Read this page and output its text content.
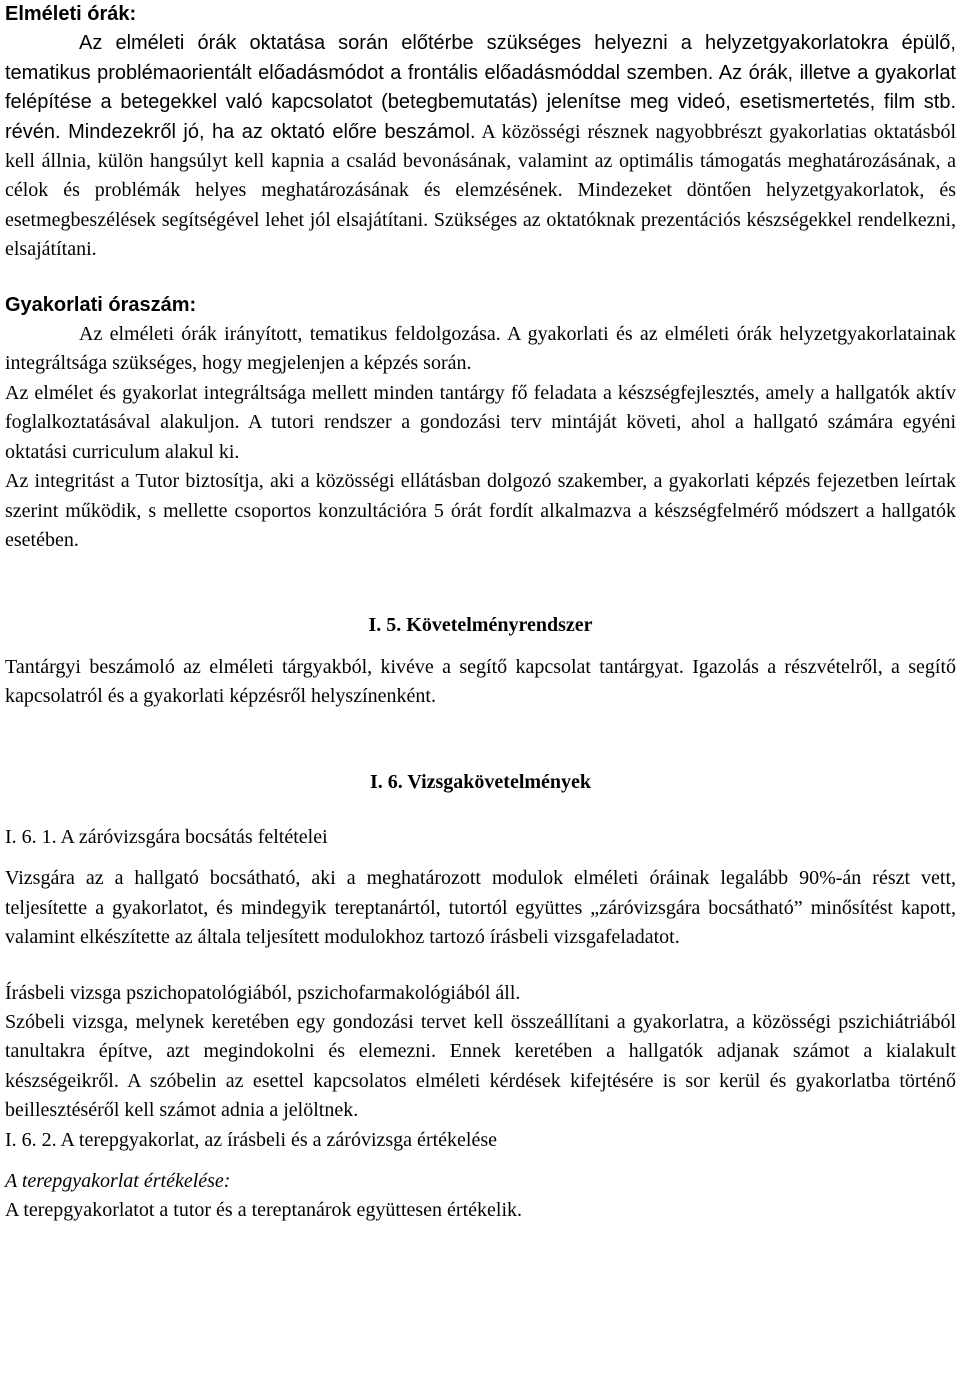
Elméleti órák:

Az elméleti órák oktatása során előtérbe szükséges helyezni a helyzetgyakorlatokra épülő, tematikus problémaorientált előadásmódot a frontális előadásmóddal szemben. Az órák, illetve a gyakorlat felépítése a betegekkel való kapcsolatot (betegbemutatás) jelenítse meg videó, esetismertetés, film stb. révén. Mindezekről jó, ha az oktató előre beszámol. A közösségi résznek nagyobbrészt gyakorlatias oktatásból kell állnia, külön hangsúlyt kell kapnia a család bevonásának, valamint az optimális támogatás meghatározásának, a célok és problémák helyes meghatározásának és elemzésének. Mindezeket döntően helyzetgyakorlatok, és esetmegbeszélések segítségével lehet jól elsajátítani. Szükséges az oktatóknak prezentációs készségekkel rendelkezni, elsajátítani.

Gyakorlati óraszám:

Az elméleti órák irányított, tematikus feldolgozása. A gyakorlati és az elméleti órák helyzetgyakorlatainak integráltsága szükséges, hogy megjelenjen a képzés során.

Az elmélet és gyakorlat integráltsága mellett minden tantárgy fő feladata a készségfejlesztés, amely a hallgatók aktív foglalkoztatásával alakuljon. A tutori rendszer a gondozási terv mintáját követi, ahol a hallgató számára egyéni oktatási curriculum alakul ki.

Az integritást a Tutor biztosítja, aki a közösségi ellátásban dolgozó szakember, a gyakorlati képzés fejezetben leírtak szerint működik, s mellette csoportos konzultációra 5 órát fordít alkalmazva a készségfelmérő módszert a hallgatók esetében.

I. 5. Követelményrendszer

Tantárgyi beszámoló az elméleti tárgyakból, kivéve a segítő kapcsolat tantárgyat. Igazolás a részvételről, a segítő kapcsolatról és a gyakorlati képzésről helyszínenként.

I. 6. Vizsgakövetelmények
I. 6. 1. A záróvizsgára bocsátás feltételei

Vizsgára az a hallgató bocsátható, aki a meghatározott modulok elméleti óráinak legalább 90%-án részt vett, teljesítette a gyakorlatot, és mindegyik tereptanártól, tutortól együttes „záróvizsgára bocsátható” minősítést kapott, valamint elkészítette az általa teljesített modulokhoz tartozó írásbeli vizsgafeladatot.

Írásbeli vizsga pszichopatológiából, pszichofarmakológiából áll.

Szóbeli vizsga, melynek keretében egy gondozási tervet kell összeállítani a gyakorlatra, a közösségi pszichiátriából tanultakra építve, azt megindokolni és elemezni. Ennek keretében a hallgatók adjanak számot a kialakult készségeikről. A szóbelin az esettel kapcsolatos elméleti kérdések kifejtésére is sor kerül és gyakorlatba történő beillesztéséről kell számot adnia a jelöltnek.

I. 6. 2. A terepgyakorlat, az írásbeli és a záróvizsga értékelése
A terepgyakorlat értékelése:

A terepgyakorlatot a tutor és a tereptanárok együttesen értékelik.
